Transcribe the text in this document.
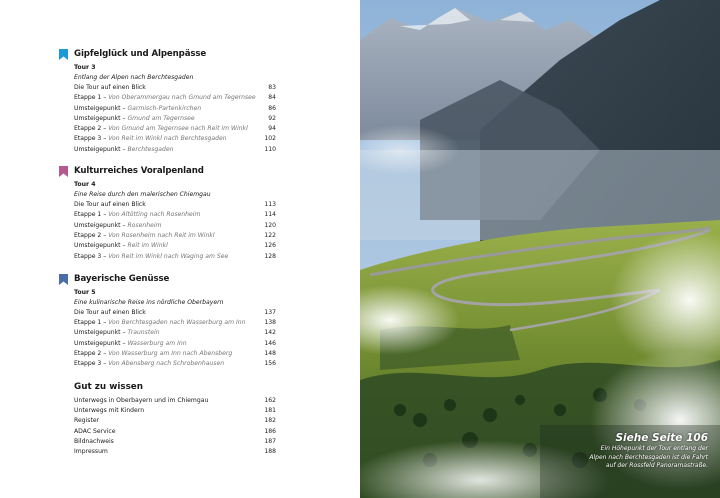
Gipfelglück und Alpenpässe
Tour 3
Entlang der Alpen nach Berchtesgaden
Die Tour auf einen Blick	83
Etappe 1 – Von Oberammergau nach Gmund am Tegernsee 84
Umsteigepunkt – Garmisch-Partenkirchen	86
Umsteigepunkt – Gmund am Tegernsee	92
Etappe 2 – Von Gmund am Tegernsee nach Reit im Winkl	94
Etappe 3 – Von Reit im Winkl nach Berchtesgaden	102
Umsteigepunkt – Berchtesgaden	110
Kulturreiches Voralpenland
Tour 4
Eine Reise durch den malerischen Chiemgau
Die Tour auf einen Blick	113
Etappe 1 – Von Altötting nach Rosenheim	114
Umsteigepunkt – Rosenheim	120
Etappe 2 – Von Rosenheim nach Reit im Winkl	122
Umsteigepunkt – Reit im Winkl	126
Etappe 3 – Von Reit im Winkl nach Waging am See	128
Bayerische Genüsse
Tour 5
Eine kulinarische Reise ins nördliche Oberbayern
Die Tour auf einen Blick	137
Etappe 1 – Von Berchtesgaden nach Wasserburg am Inn	138
Umsteigepunkt – Traunstein	142
Umsteigepunkt – Wasserburg am Inn	146
Etappe 2 – Von Wasserburg am Inn nach Abensberg	148
Etappe 3 – Von Abensberg nach Schrobenhausen	156
Gut zu wissen
Unterwegs in Oberbayern und im Chiemgau	162
Unterwegs mit Kindern	181
Register	182
ADAC Service	186
Bildnachweis	187
Impressum	188
Siehe Seite 106
Ein Höhepunkt der Tour entlang der
Alpen nach Berchtesgaden ist die Fahrt
auf der Rossfeld Panoramastraße.
